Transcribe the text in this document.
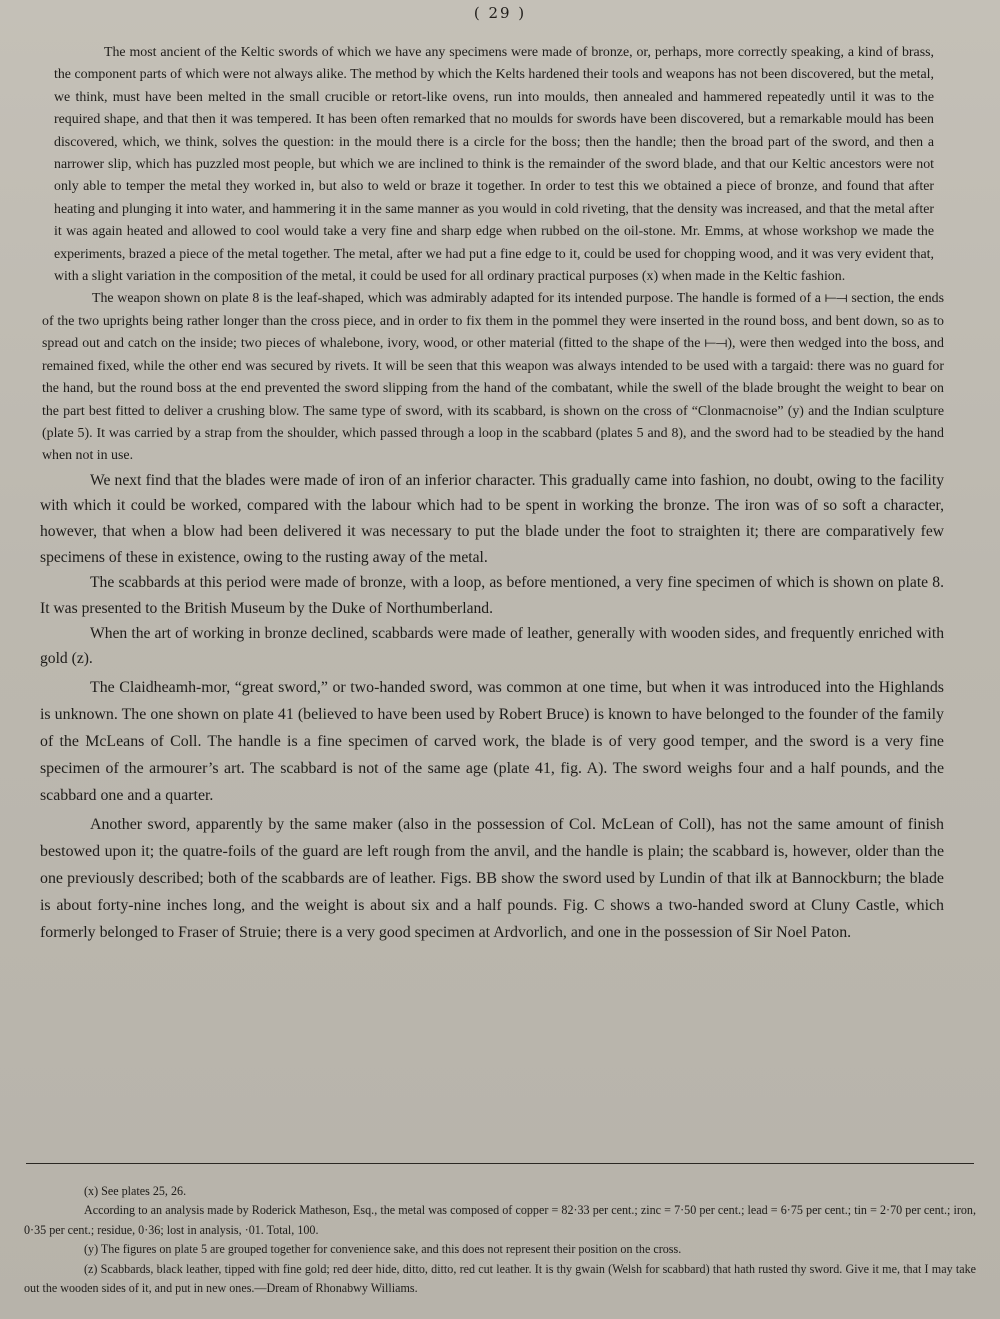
( 29 )

The most ancient of the Keltic swords of which we have any specimens were made of bronze, or, perhaps, more correctly speaking, a kind of brass, the component parts of which were not always alike. The method by which the Kelts hardened their tools and weapons has not been discovered, but the metal, we think, must have been melted in the small crucible or retort-like ovens, run into moulds, then annealed and hammered repeatedly until it was to the required shape, and that then it was tempered. It has been often remarked that no moulds for swords have been discovered, but a remarkable mould has been discovered, which, we think, solves the question: in the mould there is a circle for the boss; then the handle; then the broad part of the sword, and then a narrower slip, which has puzzled most people, but which we are inclined to think is the remainder of the sword blade, and that our Keltic ancestors were not only able to temper the metal they worked in, but also to weld or braze it together. In order to test this we obtained a piece of bronze, and found that after heating and plunging it into water, and hammering it in the same manner as you would in cold riveting, that the density was increased, and that the metal after it was again heated and allowed to cool would take a very fine and sharp edge when rubbed on the oil-stone. Mr. Emms, at whose workshop we made the experiments, brazed a piece of the metal together. The metal, after we had put a fine edge to it, could be used for chopping wood, and it was very evident that, with a slight variation in the composition of the metal, it could be used for all ordinary practical purposes (x) when made in the Keltic fashion.

The weapon shown on plate 8 is the leaf-shaped, which was admirably adapted for its intended purpose. The handle is formed of a ⟝⟞ section, the ends of the two uprights being rather longer than the cross piece, and in order to fix them in the pommel they were inserted in the round boss, and bent down, so as to spread out and catch on the inside; two pieces of whalebone, ivory, wood, or other material (fitted to the shape of the ⟝⟞), were then wedged into the boss, and remained fixed, while the other end was secured by rivets. It will be seen that this weapon was always intended to be used with a targaid: there was no guard for the hand, but the round boss at the end prevented the sword slipping from the hand of the combatant, while the swell of the blade brought the weight to bear on the part best fitted to deliver a crushing blow. The same type of sword, with its scabbard, is shown on the cross of “Clonmacnoise” (y) and the Indian sculpture (plate 5). It was carried by a strap from the shoulder, which passed through a loop in the scabbard (plates 5 and 8), and the sword had to be steadied by the hand when not in use.

We next find that the blades were made of iron of an inferior character. This gradually came into fashion, no doubt, owing to the facility with which it could be worked, compared with the labour which had to be spent in working the bronze. The iron was of so soft a character, however, that when a blow had been delivered it was necessary to put the blade under the foot to straighten it; there are comparatively few specimens of these in existence, owing to the rusting away of the metal.

The scabbards at this period were made of bronze, with a loop, as before mentioned, a very fine specimen of which is shown on plate 8. It was presented to the British Museum by the Duke of Northumberland.

When the art of working in bronze declined, scabbards were made of leather, generally with wooden sides, and frequently enriched with gold (z).

The Claidheamh-mor, “great sword,” or two-handed sword, was common at one time, but when it was introduced into the Highlands is unknown. The one shown on plate 41 (believed to have been used by Robert Bruce) is known to have belonged to the founder of the family of the McLeans of Coll. The handle is a fine specimen of carved work, the blade is of very good temper, and the sword is a very fine specimen of the armourer’s art. The scabbard is not of the same age (plate 41, fig. A). The sword weighs four and a half pounds, and the scabbard one and a quarter.

Another sword, apparently by the same maker (also in the possession of Col. McLean of Coll), has not the same amount of finish bestowed upon it; the quatre-foils of the guard are left rough from the anvil, and the handle is plain; the scabbard is, however, older than the one previously described; both of the scabbards are of leather. Figs. BB show the sword used by Lundin of that ilk at Bannockburn; the blade is about forty-nine inches long, and the weight is about six and a half pounds. Fig. C shows a two-handed sword at Cluny Castle, which formerly belonged to Fraser of Struie; there is a very good specimen at Ardvorlich, and one in the possession of Sir Noel Paton.

(x) See plates 25, 26.

According to an analysis made by Roderick Matheson, Esq., the metal was composed of copper = 82·33 per cent.; zinc = 7·50 per cent.; lead = 6·75 per cent.; tin = 2·70 per cent.; iron, 0·35 per cent.; residue, 0·36; lost in analysis, ·01. Total, 100.

(y) The figures on plate 5 are grouped together for convenience sake, and this does not represent their position on the cross.

(z) Scabbards, black leather, tipped with fine gold; red deer hide, ditto, ditto, red cut leather. It is thy gwain (Welsh for scabbard) that hath rusted thy sword. Give it me, that I may take out the wooden sides of it, and put in new ones.—Dream of Rhonabwy Williams.
